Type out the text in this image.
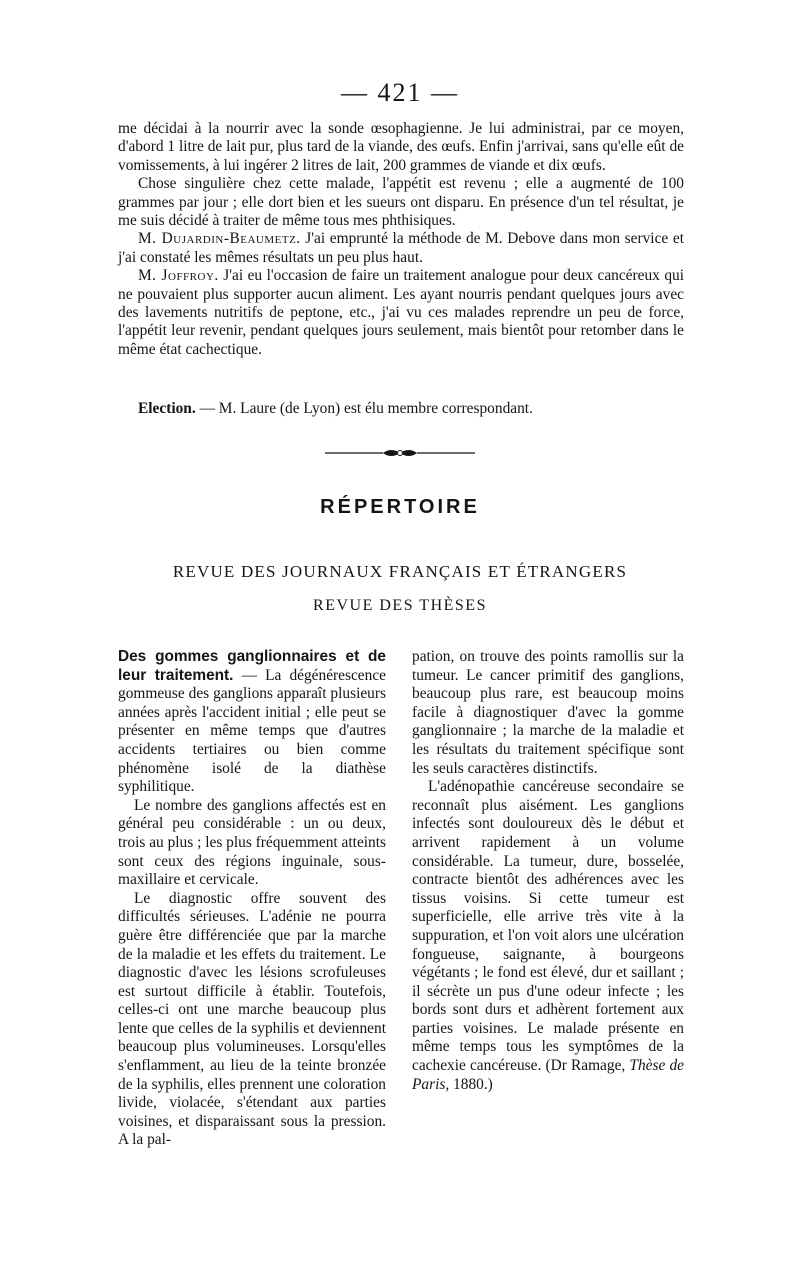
— 421 —

me décidai à la nourrir avec la sonde œsophagienne. Je lui administrai, par ce moyen, d'abord 1 litre de lait pur, plus tard de la viande, des œufs. Enfin j'arrivai, sans qu'elle eût de vomissements, à lui ingérer 2 litres de lait, 200 grammes de viande et dix œufs.

Chose singulière chez cette malade, l'appétit est revenu ; elle a augmenté de 100 grammes par jour ; elle dort bien et les sueurs ont disparu. En présence d'un tel résultat, je me suis décidé à traiter de même tous mes phthisiques.

M. Dujardin-Beaumetz. J'ai emprunté la méthode de M. Debove dans mon service et j'ai constaté les mêmes résultats un peu plus haut.

M. Joffroy. J'ai eu l'occasion de faire un traitement analogue pour deux cancéreux qui ne pouvaient plus supporter aucun aliment. Les ayant nourris pendant quelques jours avec des lavements nutritifs de peptone, etc., j'ai vu ces malades reprendre un peu de force, l'appétit leur revenir, pendant quelques jours seulement, mais bientôt pour retomber dans le même état cachectique.

Election. — M. Laure (de Lyon) est élu membre correspondant.
RÉPERTOIRE
REVUE DES JOURNAUX FRANÇAIS ET ÉTRANGERS
REVUE DES THÈSES

Des gommes ganglionnaires et de leur traitement. — La dégénérescence gommeuse des ganglions apparaît plusieurs années après l'accident initial ; elle peut se présenter en même temps que d'autres accidents tertiaires ou bien comme phénomène isolé de la diathèse syphilitique.

Le nombre des ganglions affectés est en général peu considérable : un ou deux, trois au plus ; les plus fréquemment atteints sont ceux des régions inguinale, sous-maxillaire et cervicale.

Le diagnostic offre souvent des difficultés sérieuses. L'adénie ne pourra guère être différenciée que par la marche de la maladie et les effets du traitement. Le diagnostic d'avec les lésions scrofuleuses est surtout difficile à établir. Toutefois, celles-ci ont une marche beaucoup plus lente que celles de la syphilis et deviennent beaucoup plus volumineuses. Lorsqu'elles s'enflamment, au lieu de la teinte bronzée de la syphilis, elles prennent une coloration livide, violacée, s'étendant aux parties voisines, et disparaissant sous la pression. A la pal-

pation, on trouve des points ramollis sur la tumeur. Le cancer primitif des ganglions, beaucoup plus rare, est beaucoup moins facile à diagnostiquer d'avec la gomme ganglionnaire ; la marche de la maladie et les résultats du traitement spécifique sont les seuls caractères distinctifs.

L'adénopathie cancéreuse secondaire se reconnaît plus aisément. Les ganglions infectés sont douloureux dès le début et arrivent rapidement à un volume considérable. La tumeur, dure, bosselée, contracte bientôt des adhérences avec les tissus voisins. Si cette tumeur est superficielle, elle arrive très vite à la suppuration, et l'on voit alors une ulcération fongueuse, saignante, à bourgeons végétants ; le fond est élevé, dur et saillant ; il sécrète un pus d'une odeur infecte ; les bords sont durs et adhèrent fortement aux parties voisines. Le malade présente en même temps tous les symptômes de la cachexie cancéreuse. (Dr Ramage, Thèse de Paris, 1880.)
